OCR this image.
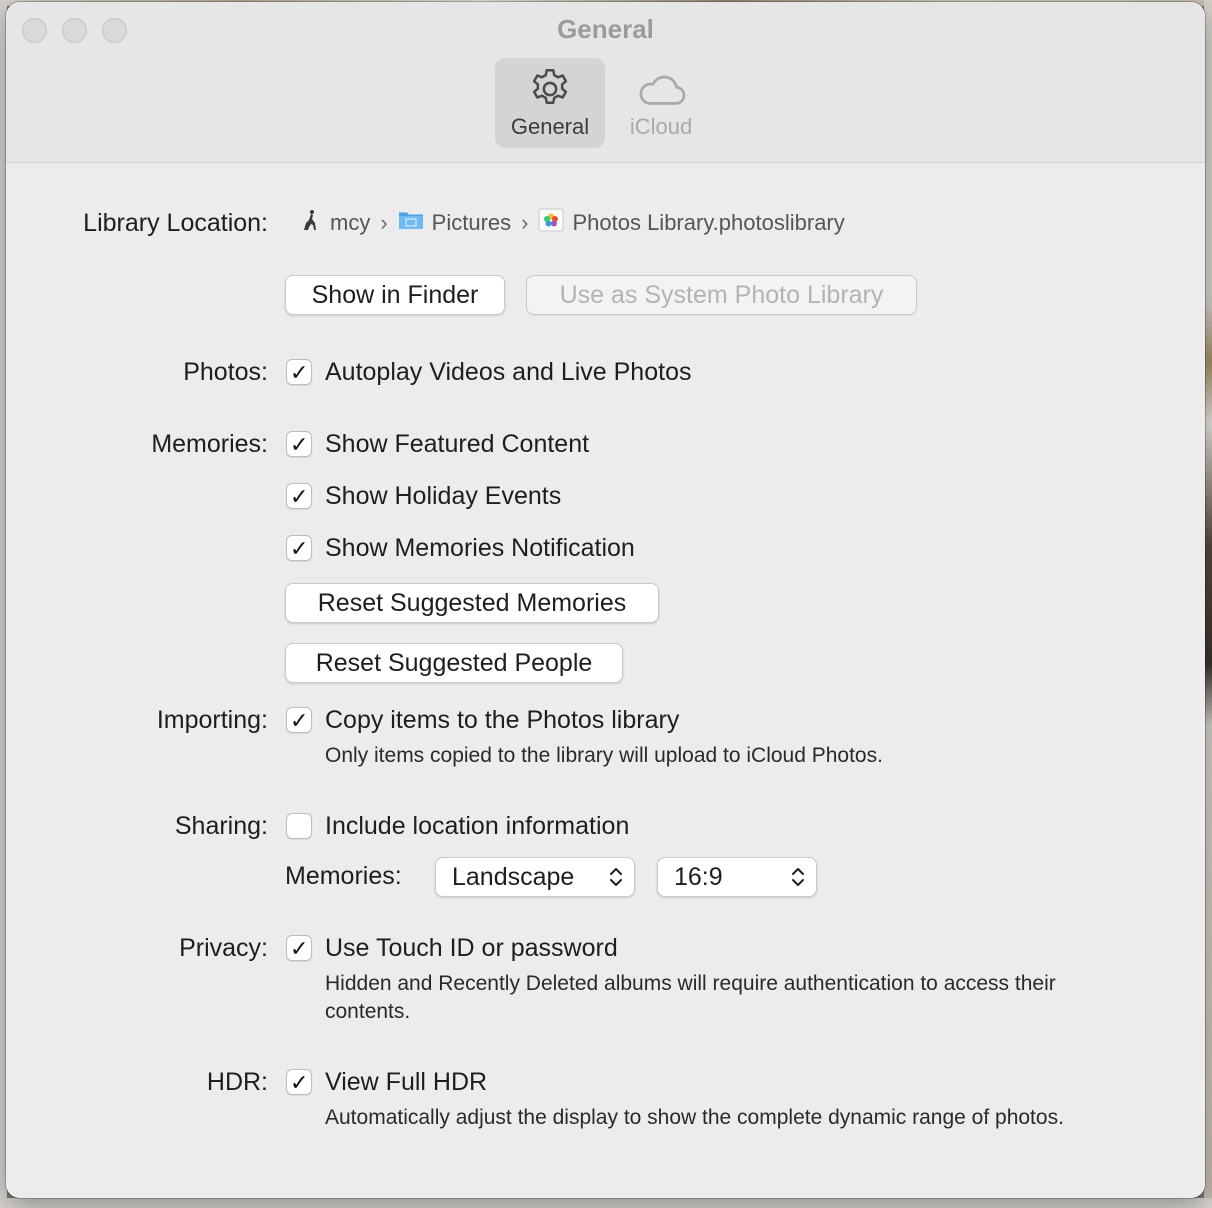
General
General	iCloud
Library Location:	mcy › Pictures › Photos Library.photoslibrary
Show in Finder	Use as System Photo Library
Photos: ✓ Autoplay Videos and Live Photos
Memories: ✓ Show Featured Content
✓ Show Holiday Events
✓ Show Memories Notification
Reset Suggested Memories
Reset Suggested People
Importing: ✓ Copy items to the Photos library
Only items copied to the library will upload to iCloud Photos.
Sharing: Include location information
Memories:	Landscape	16:9
Privacy: ✓ Use Touch ID or password
Hidden and Recently Deleted albums will require authentication to access their contents.
HDR: ✓ View Full HDR
Automatically adjust the display to show the complete dynamic range of photos.
